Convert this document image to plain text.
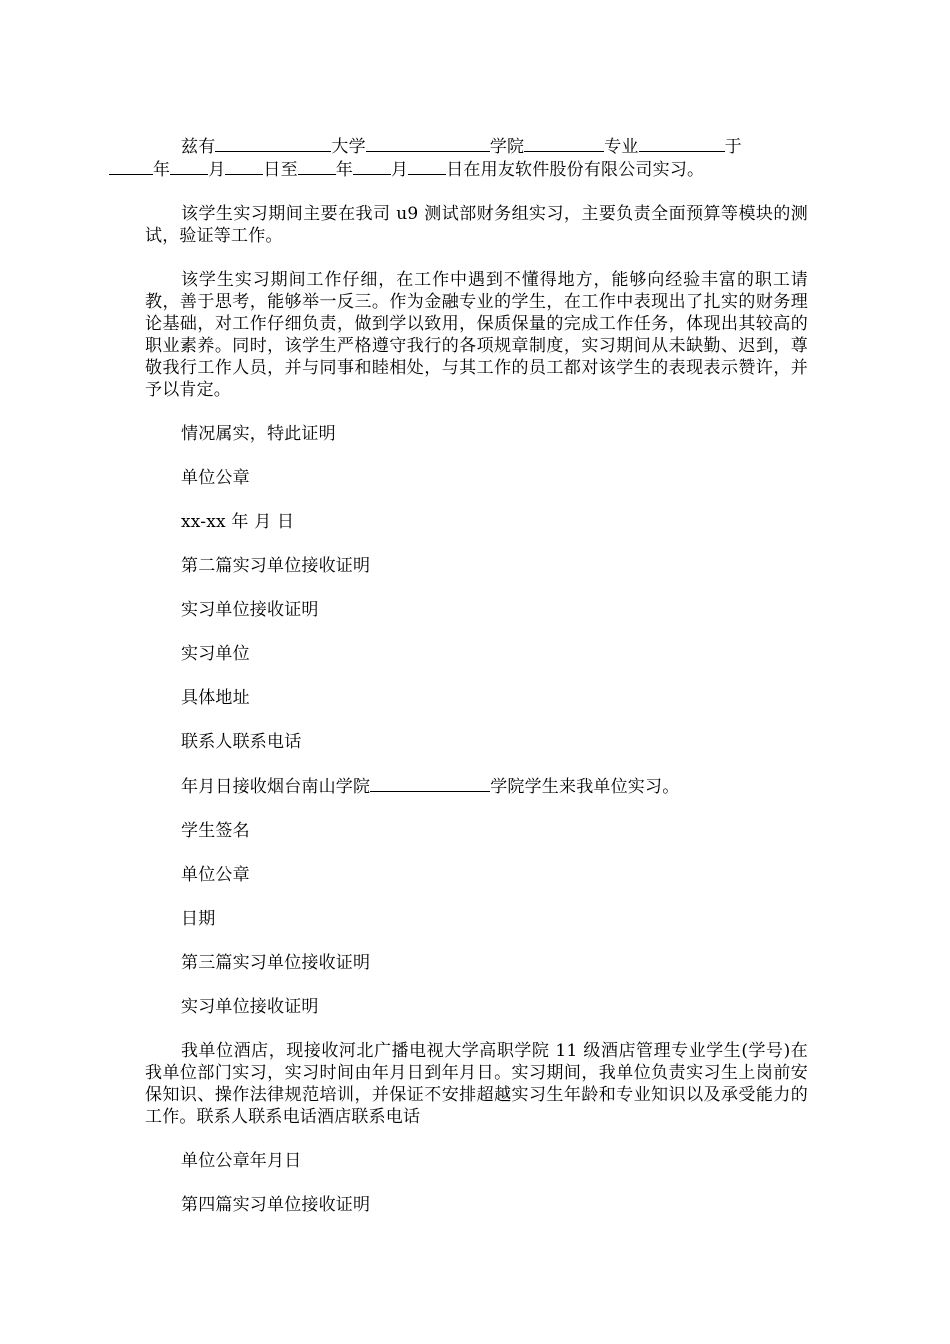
兹有	大学	学院	专业	于
年 月 日至 年 月 日在用友软件股份有限公司实习。

该学生实习期间主要在我司 u9 测试部财务组实习，主要负责全面预算等模块的测试，验证等工作。

该学生实习期间工作仔细，在工作中遇到不懂得地方，能够向经验丰富的职工请教，善于思考，能够举一反三。作为金融专业的学生，在工作中表现出了扎实的财务理论基础，对工作仔细负责，做到学以致用，保质保量的完成工作任务，体现出其较高的职业素养。同时，该学生严格遵守我行的各项规章制度，实习期间从未缺勤、迟到，尊敬我行工作人员，并与同事和睦相处，与其工作的员工都对该学生的表现表示赞许，并予以肯定。

情况属实，特此证明

单位公章

xx-xx 年 月 日

第二篇实习单位接收证明

实习单位接收证明

实习单位

具体地址

联系人联系电话

年月日接收烟台南山学院	学院学生来我单位实习。

学生签名

单位公章

日期

第三篇实习单位接收证明

实习单位接收证明

我单位酒店，现接收河北广播电视大学高职学院 11 级酒店管理专业学生(学号)在我单位部门实习，实习时间由年月日到年月日。实习期间，我单位负责实习生上岗前安保知识、操作法律规范培训，并保证不安排超越实习生年龄和专业知识以及承受能力的工作。联系人联系电话酒店联系电话

单位公章年月日

第四篇实习单位接收证明
